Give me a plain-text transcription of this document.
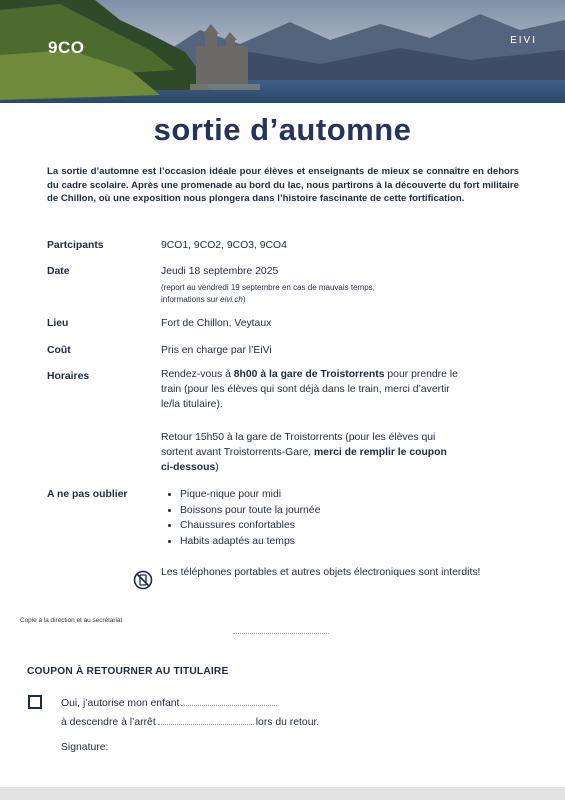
9CO	EIVI
sortie d’automne

La sortie d’automne est l’occasion idéale pour élèves et enseignants de mieux se connaître en dehors du cadre scolaire. Après une promenade au bord du lac, nous partirons à la découverte du fort militaire de Chillon, où une exposition nous plongera dans l’histoire fascinante de cette fortification.

Partcipants	9CO1, 9CO2, 9CO3, 9CO4
Date	Jeudi 18 septembre 2025
(report au vendredi 19 septembre en cas de mauvais temps,
informations sur eivi.ch)
Lieu	Fort de Chillon, Veytaux
Coût	Pris en charge par l’EiVi
Horaires	Rendez-vous à 8h00 à la gare de Troistorrents pour prendre le train (pour les élèves qui sont déjà dans le train, merci d’avertir le/la titulaire).
Retour 15h50 à la gare de Troistorrents (pour les élèves qui sortent avant Troistorrents-Gare, merci de remplir le coupon ci-dessous)
A ne pas oublier
•	Pique-nique pour midi
• Boissons pour toute la journée
• Chaussures confortables
• Habits adaptés au temps
Les téléphones portables et autres objets électroniques sont interdits!
Copie à la direction et au secrétariat
COUPON À RETOURNER AU TITULAIRE
Oui, j’autorise mon enfant
à descendre à l’arrêt	lors du retour.
Signature:
